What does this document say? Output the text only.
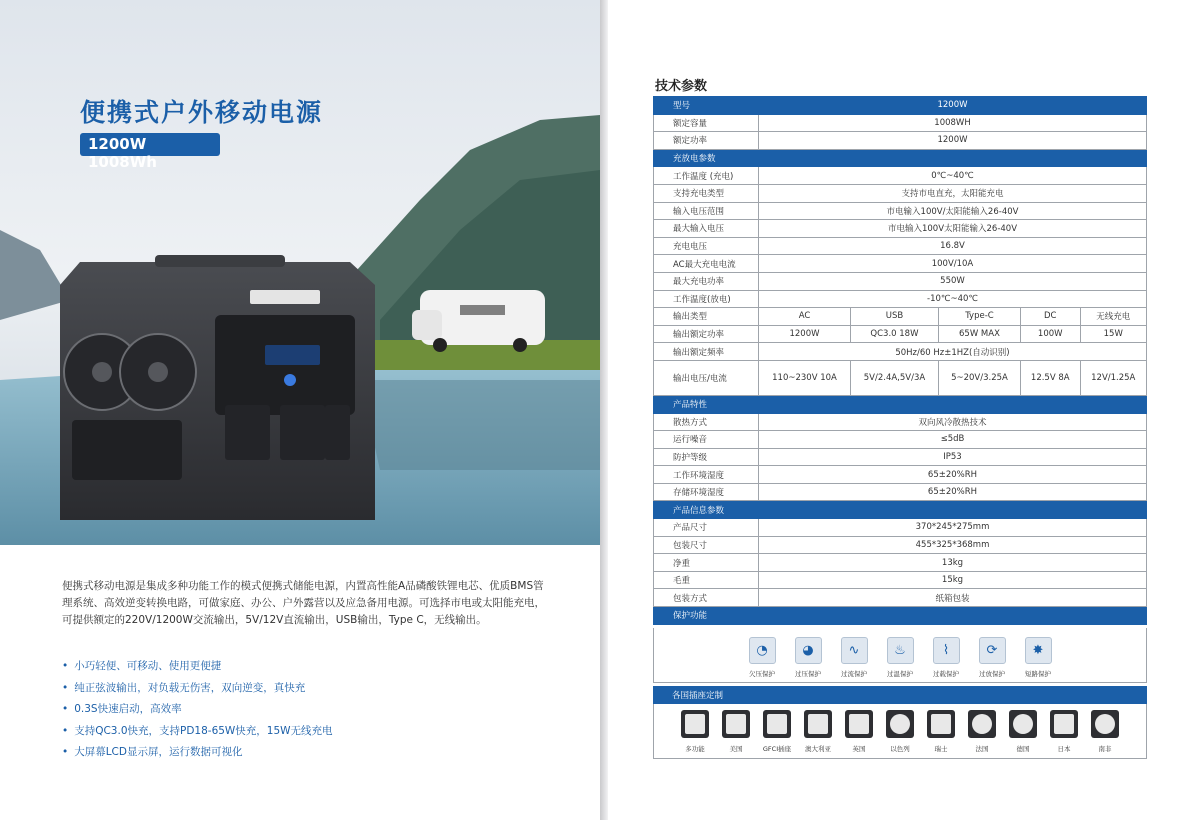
便携式户外移动电源
1200W 1008Wh

便携式移动电源是集成多种功能工作的模式便携式储能电源，内置高性能A品磷酸铁锂电芯、优质BMS管理系统、高效逆变转换电路，可做家庭、办公、户外露营以及应急备用电源。可选择市电或太阳能充电，可提供额定的220V/1200W交流输出，5V/12V直流输出，USB输出，Type C，无线输出。

• 小巧轻便、可移动、使用更便捷
• 纯正弦波输出，对负载无伤害，双向逆变，真快充
• 0.3S快速启动，高效率
• 支持QC3.0快充，支持PD18-65W快充，15W无线充电
• 大屏幕LCD显示屏，运行数据可视化
技术参数
型号	1200W				
额定容量	1008WH				
额定功率	1200W				
充放电参数					
工作温度 (充电)	0℃~40℃				
支持充电类型	支持市电直充，太阳能充电				
输入电压范围	市电输入100V/太阳能输入26-40V				
最大输入电压	市电输入100V太阳能输入26-40V				
充电电压	16.8V				
AC最大充电电流	100V/10A				
最大充电功率	550W				
工作温度(放电)	-10℃~40℃				
输出类型	AC	USB	Type-C	DC	无线充电
输出额定功率	1200W	QC3.0 18W	65W MAX	100W	15W
输出额定频率	50Hz/60 Hz±1HZ(自动识别)				
输出电压/电流	110~230V 10A	5V/2.4A,5V/3A	5~20V/3.25A	12.5V 8A	12V/1.25A
产品特性					
散热方式	双向风冷散热技术				
运行噪音	≤5dB				
防护等级	IP53				
工作环境湿度	65±20%RH				
存储环境湿度	65±20%RH				
产品信息参数					
产品尺寸	370*245*275mm				
包装尺寸	455*325*368mm				
净重	13kg				
毛重	15kg				
包装方式	纸箱包装				
保护功能					
◔
欠压保护
◕
过压保护
∿
过流保护
♨
过温保护
⌇
过载保护
⟳
过放保护
✸
短路保护
各国插座定制
多功能	美国	GFCI插座 澳大利亚	英国	以色列	瑞士	法国	德国	日本	南非
